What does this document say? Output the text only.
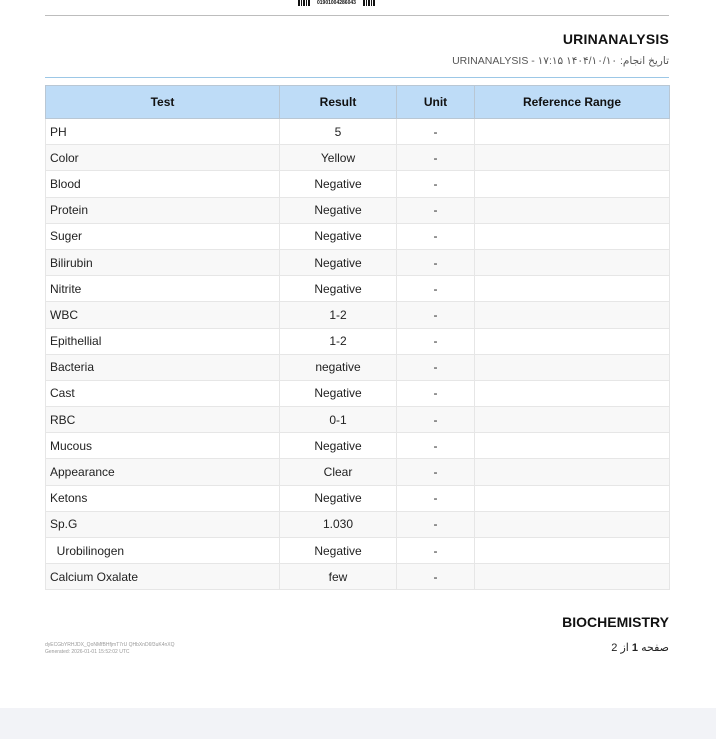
01901004286043
URINANALYSIS
تاریخ انجام: ۱۴۰۴/۱۰/۱۰ ۱۷:۱۵ - URINANALYSIS
Test	Result	Unit	Reference Range
PH	5	-	
Color	Yellow	-	
Blood	Negative	-	
Protein	Negative	-	
Suger	Negative	-	
Bilirubin	Negative	-	
Nitrite	Negative	-	
WBC	1-2	-	
Epithellial	1-2	-	
Bacteria	negative	-	
Cast	Negative	-	
RBC	0-1	-	
Mucous	Negative	-	
Appearance	Clear	-	
Ketons	Negative	-	
Sp.G	1.030	-	
Urobilinogen	Negative	-	
Calcium Oxalate	few	-	
BIOCHEMISTRY
صفحه 1 از 2
dyECGbYRHJDX_QoNMfBHfjmT7rU QHbXnD6f3uK4nXQ
Generated: 2026-01-01 15:52:02 UTC
